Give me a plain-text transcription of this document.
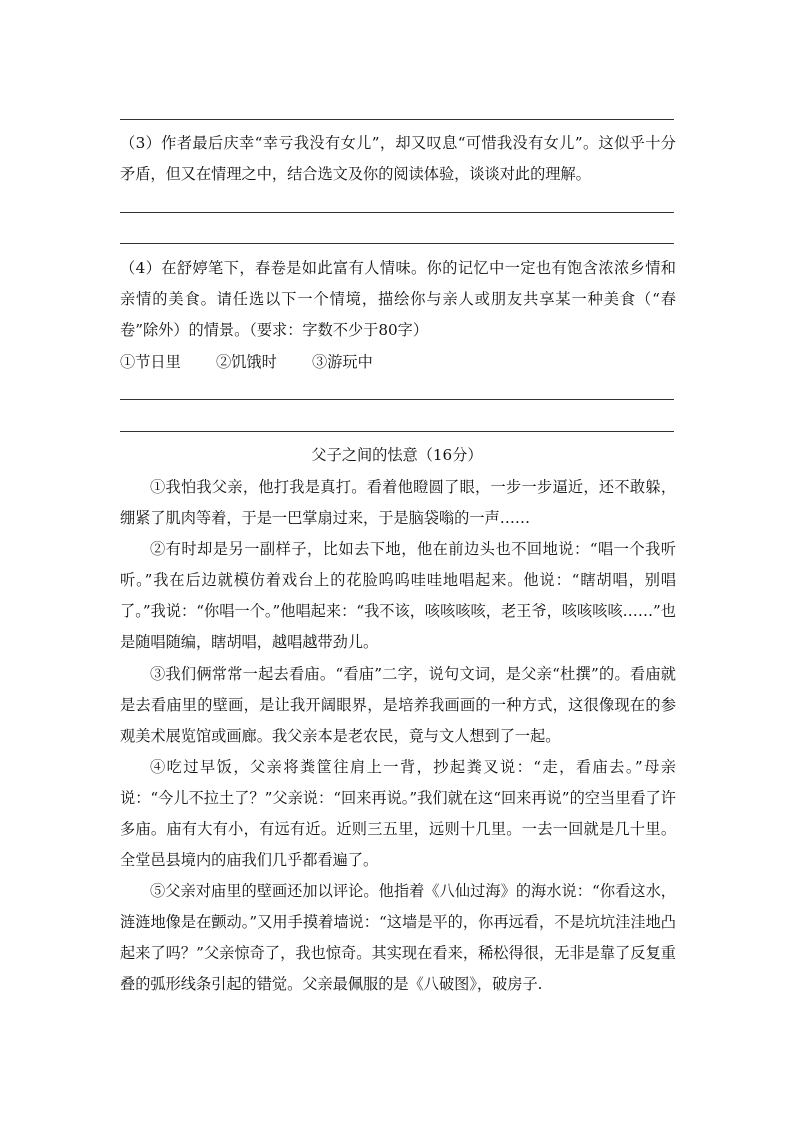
（3）作者最后庆幸“幸亏我没有女儿”，却又叹息“可惜我没有女儿”。这似乎十分矛盾，但又在情理之中，结合选文及你的阅读体验，谈谈对此的理解。

（4）在舒婷笔下，春卷是如此富有人情味。你的记忆中一定也有饱含浓浓乡情和亲情的美食。请任选以下一个情境，描绘你与亲人或朋友共享某一种美食（“春卷”除外）的情景。（要求：字数不少于80字）

①节日里 ②饥饿时 ③游玩中

父子之间的怯意（16分）

①我怕我父亲，他打我是真打。看着他瞪圆了眼，一步一步逼近，还不敢躲，绷紧了肌肉等着，于是一巴掌扇过来，于是脑袋嗡的一声……

②有时却是另一副样子，比如去下地，他在前边头也不回地说：“唱一个我听听。”我在后边就模仿着戏台上的花脸呜呜哇哇地唱起来。他说：“瞎胡唱，别唱了。”我说：“你唱一个。”他唱起来：“我不该，咳咳咳咳，老王爷，咳咳咳咳……”也是随唱随编，瞎胡唱，越唱越带劲儿。

③我们俩常常一起去看庙。“看庙”二字，说句文词，是父亲“杜撰”的。看庙就是去看庙里的壁画，是让我开阔眼界，是培养我画画的一种方式，这很像现在的参观美术展览馆或画廊。我父亲本是老农民，竟与文人想到了一起。

④吃过早饭，父亲将粪筐往肩上一背，抄起粪叉说：“走，看庙去。”母亲说：“今儿不拉土了？”父亲说：“回来再说。”我们就在这“回来再说”的空当里看了许多庙。庙有大有小，有远有近。近则三五里，远则十几里。一去一回就是几十里。全堂邑县境内的庙我们几乎都看遍了。

⑤父亲对庙里的壁画还加以评论。他指着《八仙过海》的海水说：“你看这水，涟涟地像是在颤动。”又用手摸着墙说：“这墙是平的，你再远看，不是坑坑洼洼地凸起来了吗？”父亲惊奇了，我也惊奇。其实现在看来，稀松得很，无非是靠了反复重叠的弧形线条引起的错觉。父亲最佩服的是《八破图》，破房子.
